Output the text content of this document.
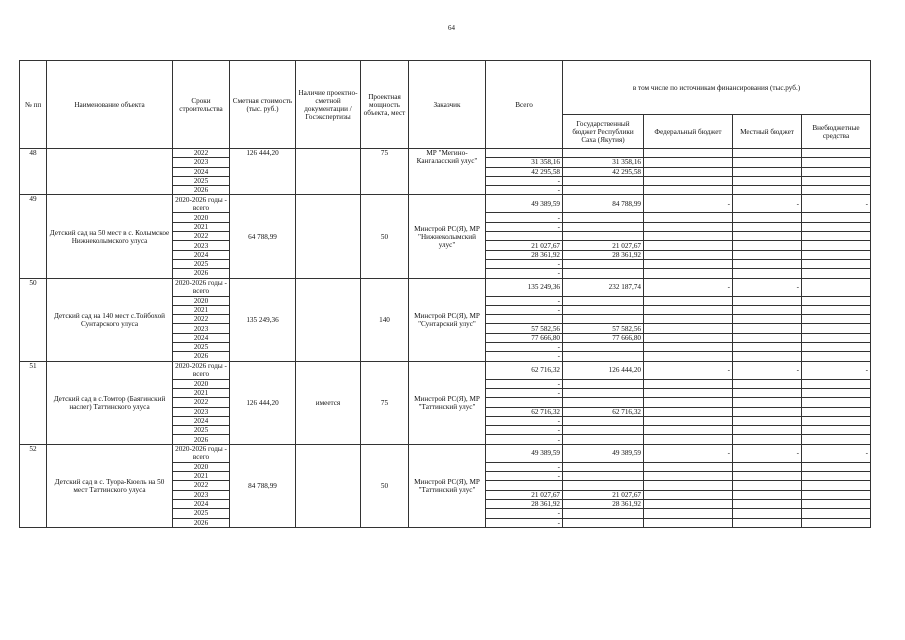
64
№ пп	Наименование объекта	Сроки строительства	Сметная стоимость (тыс. руб.)	Наличие проектно-сметной документации /Госэкспертизы	Проектная мощность объекта, мест	Заказчик	Всего	в том числе по источникам финансирования (тыс.руб.)			
								Государственный бюджет Республики Саха (Якутия)	Федеральный бюджет	Местный бюджет	Внебюджетные средства
48		2022	126 444,20		75	МР "Мегино-Кангаласский улус"					
		2023					31 358,16	31 358,16			
		2024					42 295,58	42 295,58			
		2025					-				
		2026					-				
49	Детский сад на 50 мест в с. Колымское Нижнеколымского улуса	2020-2026 годы - всего	64 788,99		50	Минстрой РС(Я), МР "Нижнеколымский улус"	49 389,59	84 788,99	-	-	-
		2020					-				
		2021					-				
		2022									
		2023					21 027,67	21 027,67			
		2024					28 361,92	28 361,92			
		2025					-				
		2026					-				
50	Детский сад на 140 мест с.Тойбохой Сунтарского улуса	2020-2026 годы - всего	135 249,36		140	Минстрой РС(Я), МР "Сунтарский улус"	135 249,36	232 187,74	-	-	
		2020					-				
		2021					-				
		2022									
		2023					57 582,56	57 582,56			
		2024					77 666,80	77 666,80			
		2025					-				
		2026					-				
51	Детский сад в с.Томтор (Баягинский наслег) Таттинского улуса	2020-2026 годы - всего	126 444,20	имеется	75	Минстрой РС(Я), МР "Таттинский улус"	62 716,32	126 444,20	-	-	-
		2020					-				
		2021					-				
		2022									
		2023					62 716,32	62 716,32			
		2024					-				
		2025					-				
		2026					-				
52	Детский сад в с. Туора-Кюель на 50 мест Таттинского улуса	2020-2026 годы - всего	84 788,99		50	Минстрой РС(Я), МР "Таттинский улус"	49 389,59	49 389,59	-	-	-
		2020					-				
		2021					-				
		2022									
		2023					21 027,67	21 027,67			
		2024					28 361,92	28 361,92			
		2025					-				
		2026					-				
